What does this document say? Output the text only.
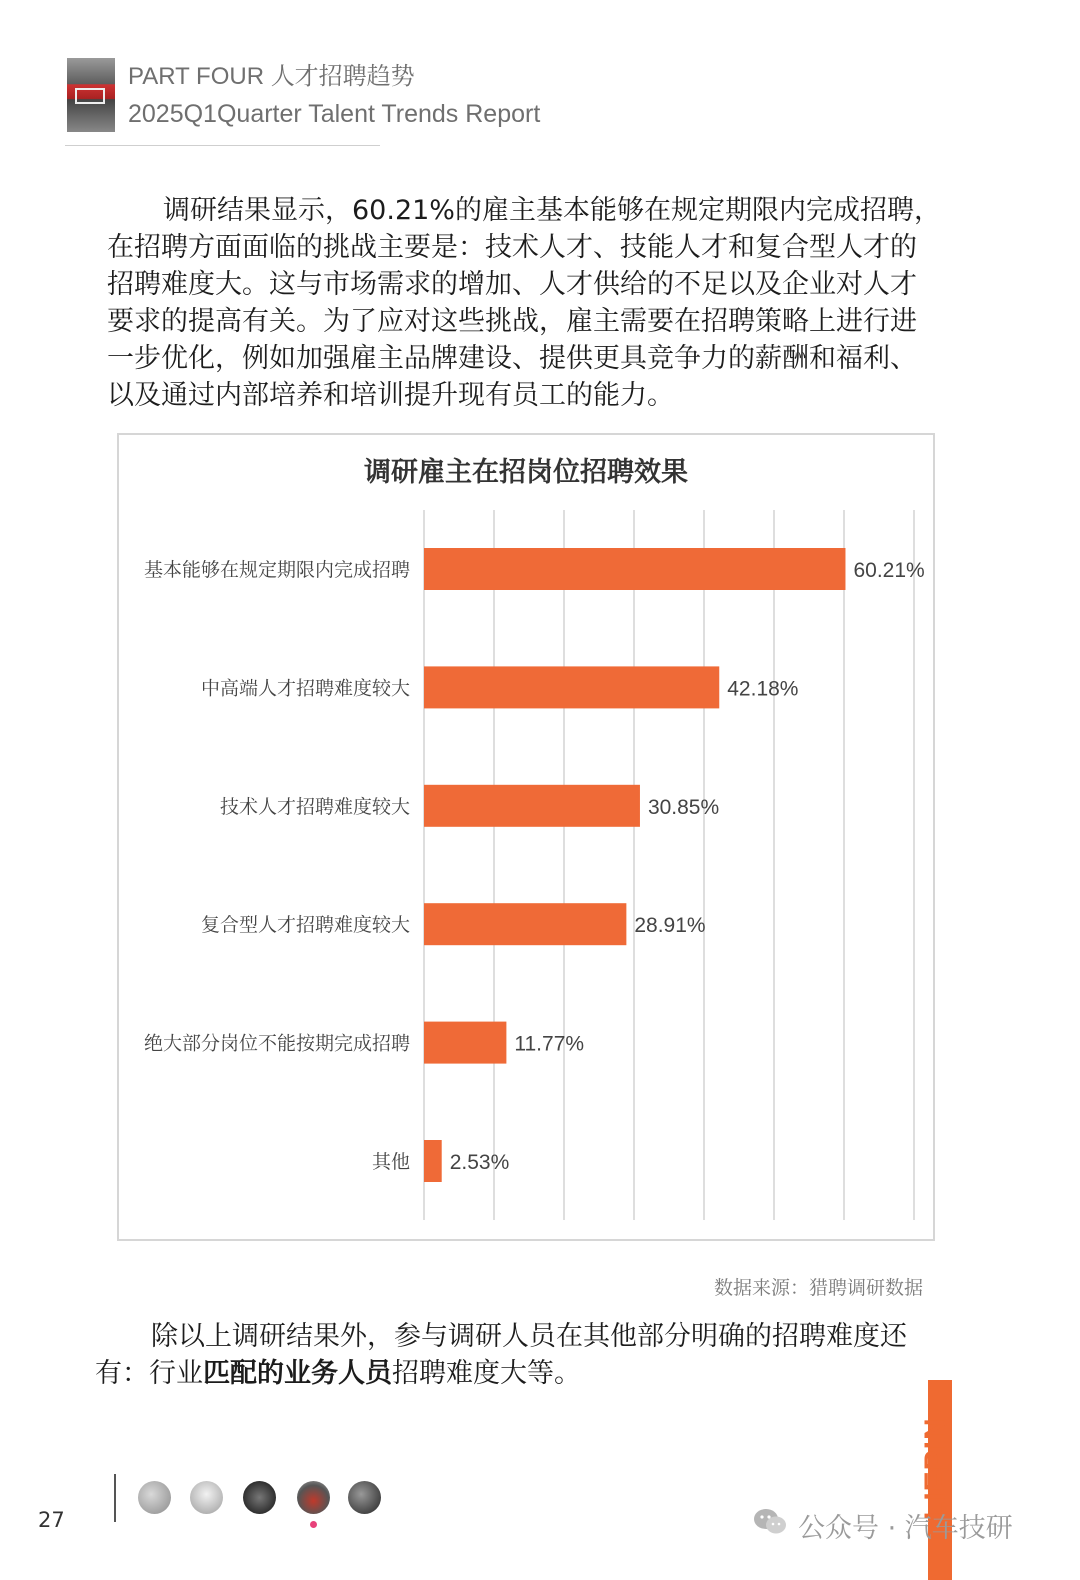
PART FOUR 人才招聘趋势
2025Q1Quarter Talent Trends Report
调研结果显示，60.21%的雇主基本能够在规定期限内完成招聘，
在招聘方面面临的挑战主要是：技术人才、技能人才和复合型人才的
招聘难度大。这与市场需求的增加、人才供给的不足以及企业对人才
要求的提高有关。为了应对这些挑战，雇主需要在招聘策略上进行进
一步优化，例如加强雇主品牌建设、提供更具竞争力的薪酬和福利、
以及通过内部培养和培训提升现有员工的能力。
调研雇主在招岗位招聘效果
基本能够在规定期限内完成招聘	60.21%
中高端人才招聘难度较大	42.18%
技术人才招聘难度较大	30.85%
复合型人才招聘难度较大	28.91%
绝大部分岗位不能按期完成招聘	11.77%
其他 2.53%
数据来源：猎聘调研数据
除以上调研结果外，参与调研人员在其他部分明确的招聘难度还
有：行业匹配的业务人员招聘难度大等。
27	LIEPIN
公众号 · 汽车技研
